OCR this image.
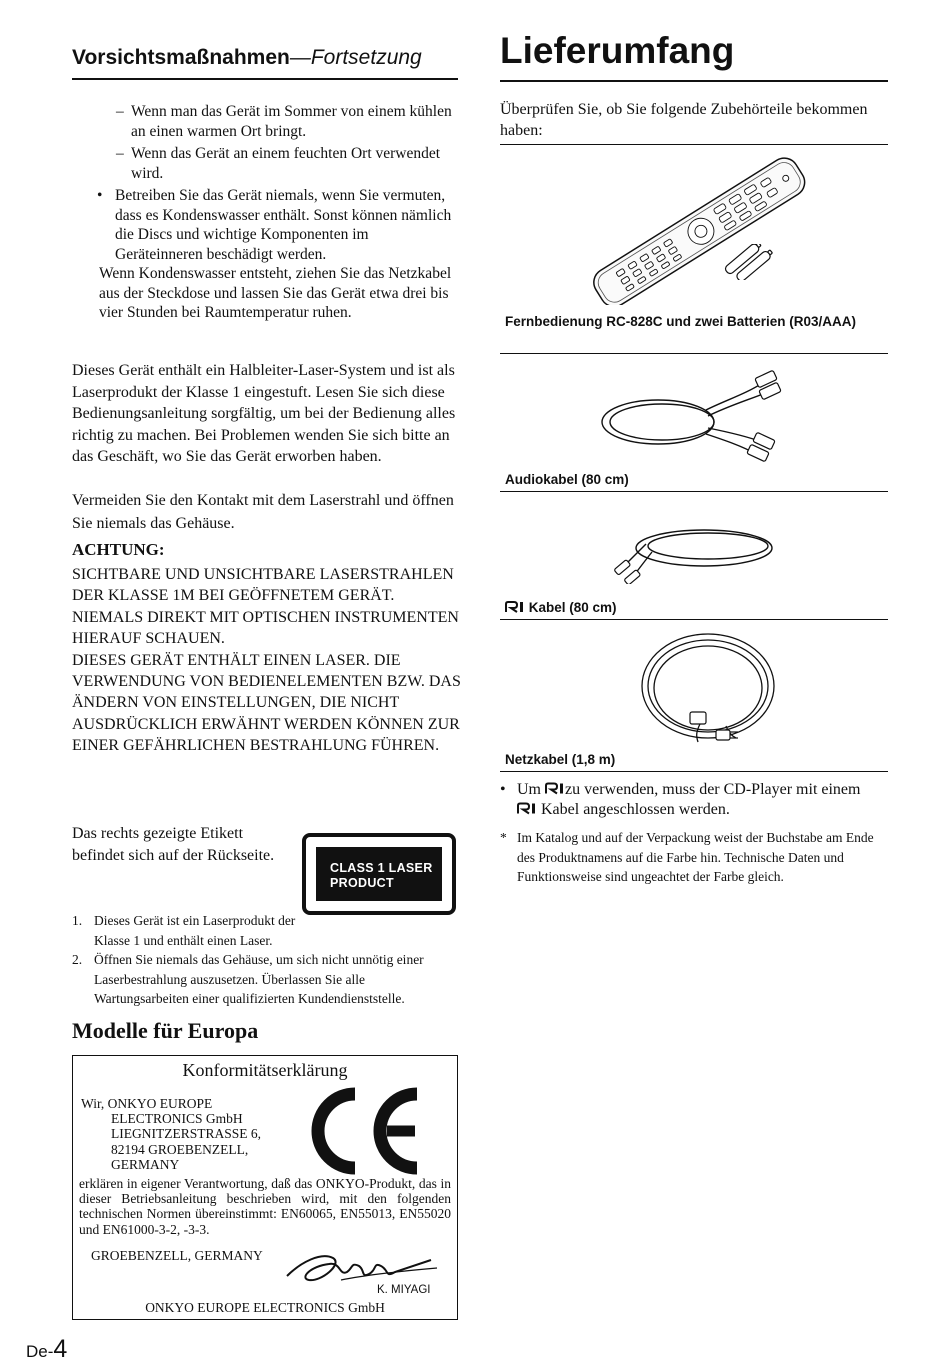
Vorsichtsmaßnahmen—Fortsetzung
– Wenn man das Gerät im Sommer von einem kühlen an einen warmen Ort bringt.
– Wenn das Gerät an einem feuchten Ort verwendet wird.
• Betreiben Sie das Gerät niemals, wenn Sie vermuten, dass es Kondenswasser enthält. Sonst können nämlich die Discs und wichtige Komponenten im Geräteinneren beschädigt werden.
Wenn Kondenswasser entsteht, ziehen Sie das Netzkabel aus der Steckdose und lassen Sie das Gerät etwa drei bis vier Stunden bei Raumtemperatur ruhen.
Dieses Gerät enthält ein Halbleiter-Laser-System und ist als Laserprodukt der Klasse 1 eingestuft. Lesen Sie sich diese Bedienungsanleitung sorgfältig, um bei der Bedienung alles richtig zu machen. Bei Problemen wenden Sie sich bitte an das Geschäft, wo Sie das Gerät erworben haben.
Vermeiden Sie den Kontakt mit dem Laserstrahl und öffnen Sie niemals das Gehäuse.
ACHTUNG:
SICHTBARE UND UNSICHTBARE LASERSTRAHLEN DER KLASSE 1M BEI GEÖFFNETEM GERÄT. NIEMALS DIREKT MIT OPTISCHEN INSTRUMENTEN HIERAUF SCHAUEN.
DIESES GERÄT ENTHÄLT EINEN LASER. DIE VERWENDUNG VON BEDIENELEMENTEN BZW. DAS ÄNDERN VON EINSTELLUNGEN, DIE NICHT AUSDRÜCKLICH ERWÄHNT WERDEN KÖNNEN ZUR EINER GEFÄHRLICHEN BESTRAHLUNG FÜHREN.
Das rechts gezeigte Etikett befindet sich auf der Rückseite.
CLASS 1 LASER
PRODUCT
1. Dieses Gerät ist ein Laserprodukt der Klasse 1 und enthält einen Laser.
2. Öffnen Sie niemals das Gehäuse, um sich nicht unnötig einer Laserbestrahlung auszusetzen. Überlassen Sie alle Wartungsarbeiten einer qualifizierten Kundendienststelle.
Modelle für Europa
Konformitätserklärung
Wir, ONKYO EUROPE
ELECTRONICS GmbH
LIEGNITZERSTRASSE 6,
82194 GROEBENZELL,
GERMANY
erklären in eigener Verantwortung, daß das ONKYO-Produkt, das in dieser Betriebsanleitung beschrieben wird, mit den folgenden technischen Normen übereinstimmt: EN60065, EN55013, EN55020 und EN61000-3-2, -3-3.
GROEBENZELL, GERMANY
K. MIYAGI
ONKYO EUROPE ELECTRONICS GmbH
De-4
Lieferumfang
Überprüfen Sie, ob Sie folgende Zubehörteile bekommen haben:
Fernbedienung RC-828C und zwei Batterien (R03/AAA)
Audiokabel (80 cm)
Kabel (80 cm)
Netzkabel (1,8 m)
• Um zu verwenden, muss der CD-Player mit einem
Kabel angeschlossen werden.
* Im Katalog und auf der Verpackung weist der Buchstabe am Ende des Produktnamens auf die Farbe hin. Technische Daten und Funktionsweise sind ungeachtet der Farbe gleich.
